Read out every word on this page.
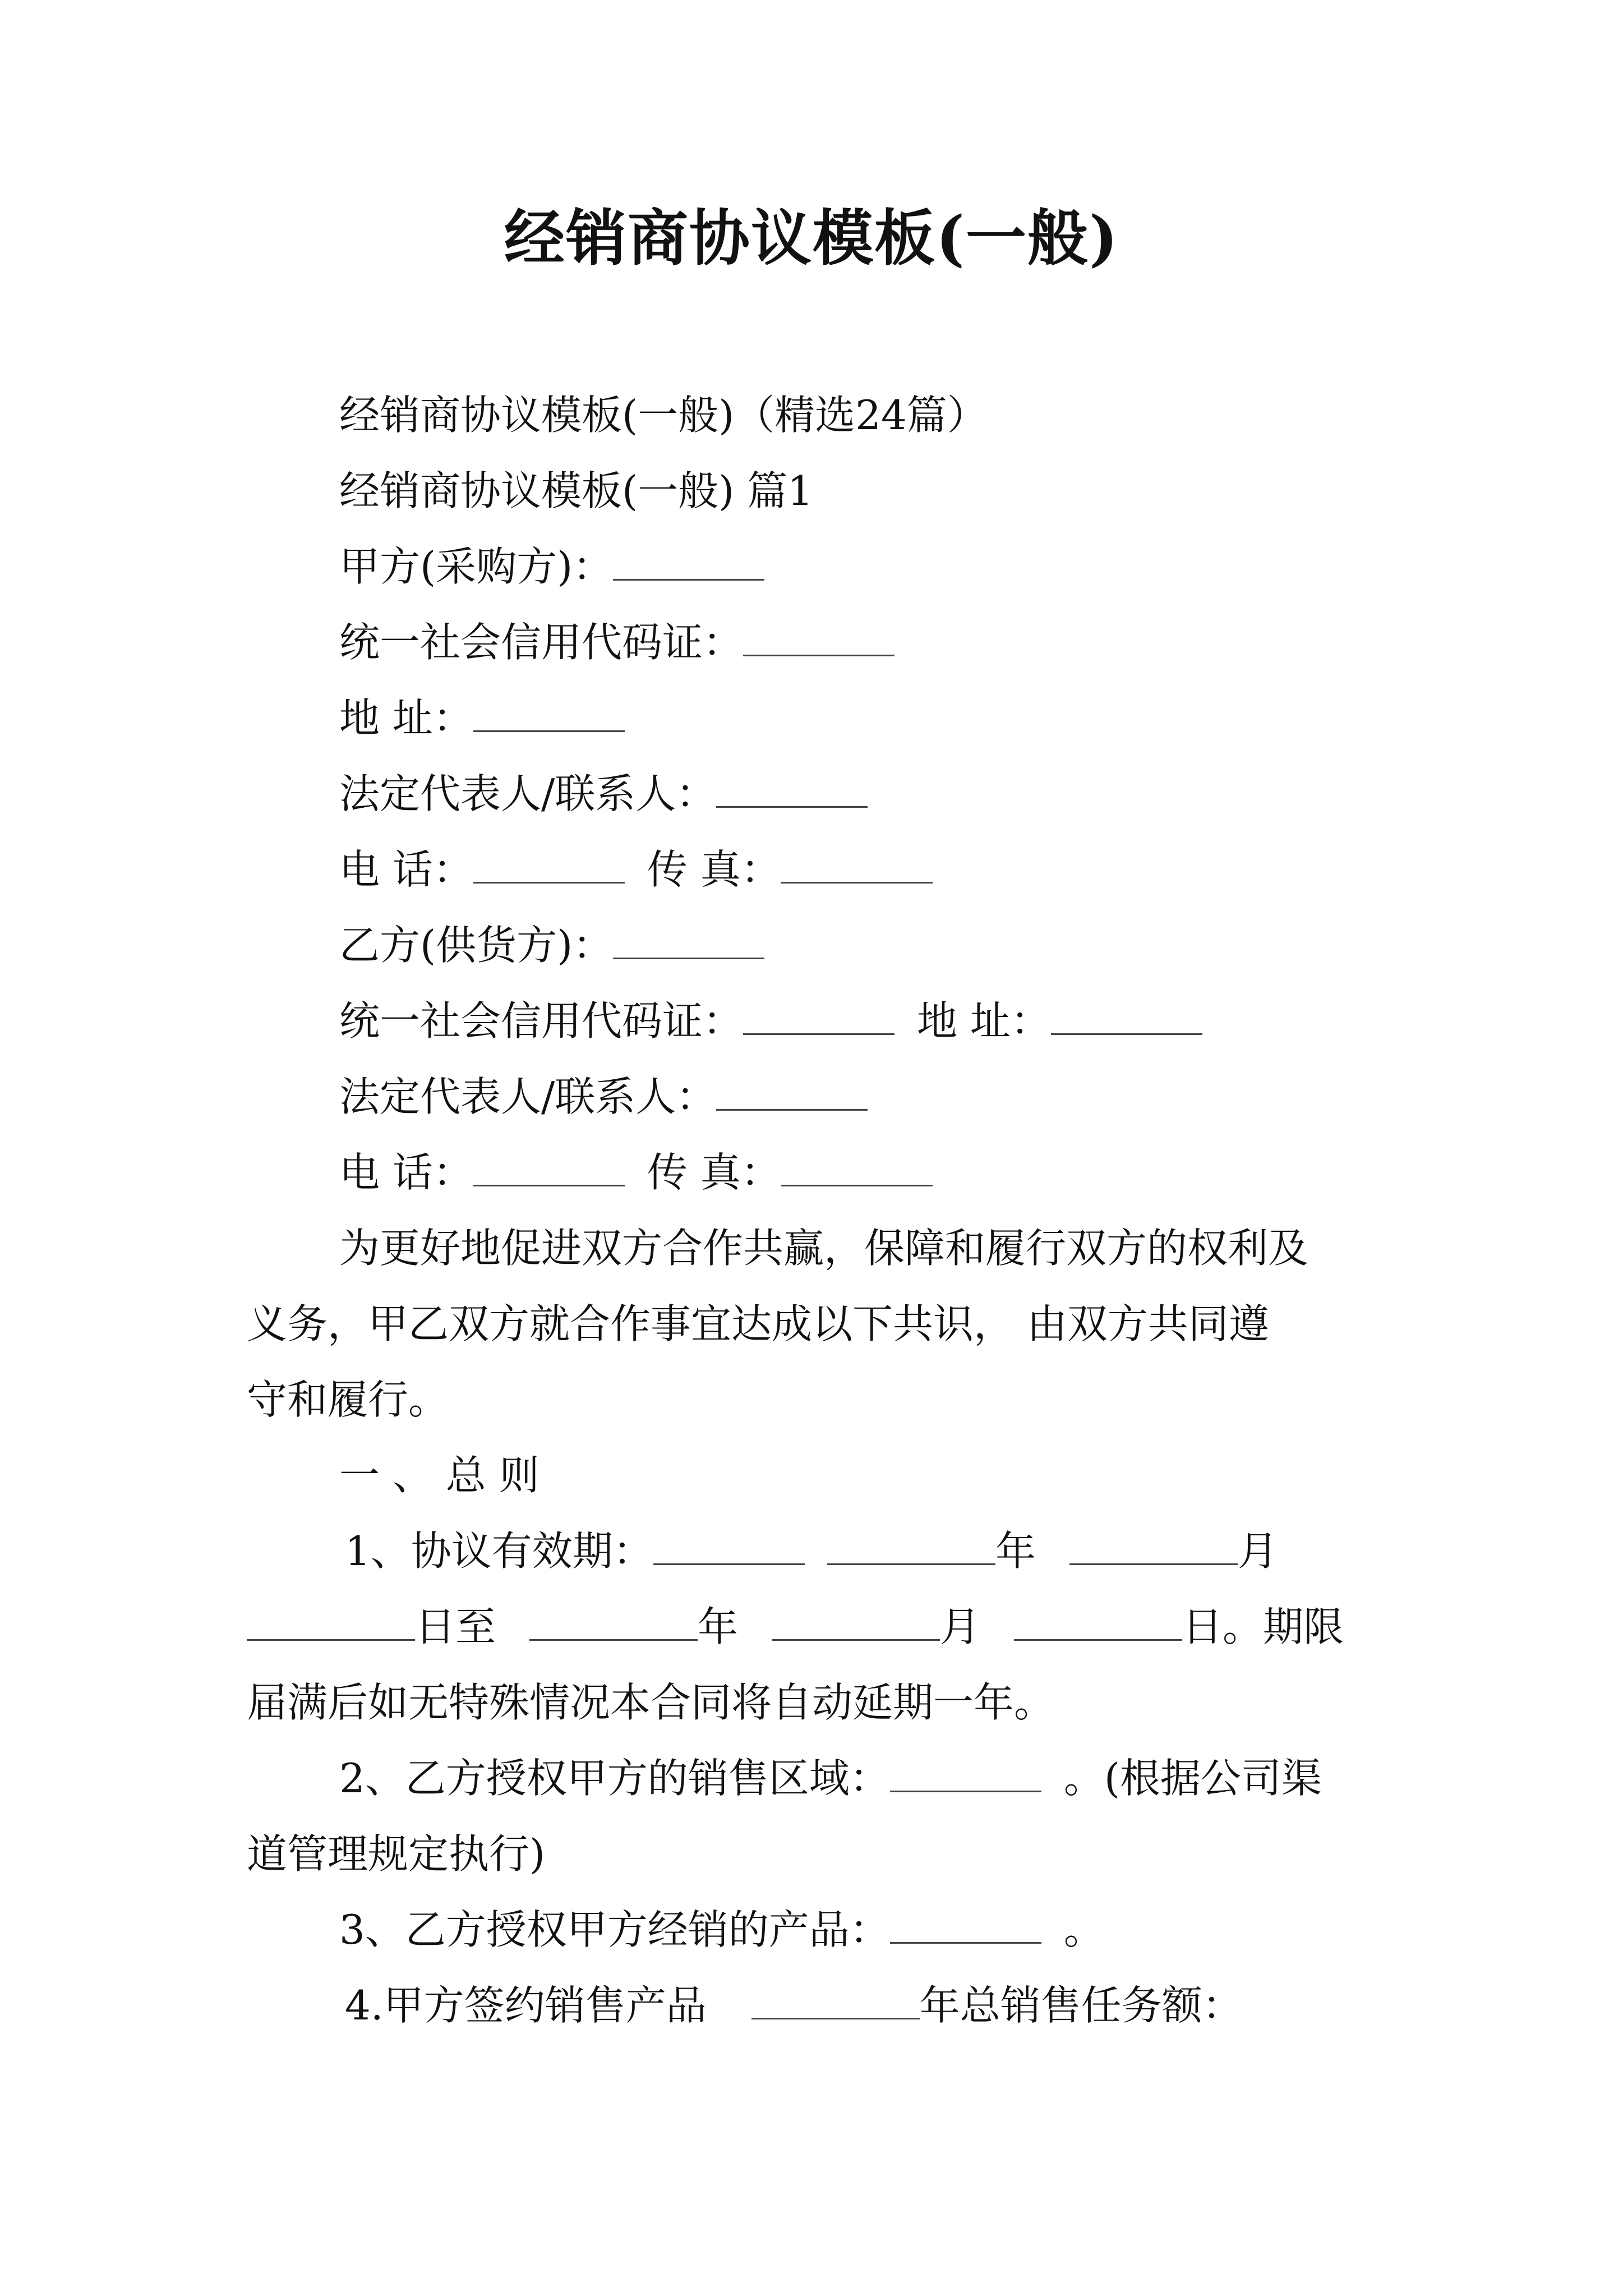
经销商协议模板(一般)
经销商协议模板(一般)（精选24篇）
经销商协议模板(一般) 篇1
甲方(采购方)：
统一社会信用代码证：
地 址：
法定代表人/联系人：
电 话：	传 真：
乙方(供货方)：
统一社会信用代码证：	地 址：
法定代表人/联系人：
电 话：	传 真：
为更好地促进双方合作共赢，保障和履行双方的权利及
义务，甲乙双方就合作事宜达成以下共识， 由双方共同遵
守和履行。
一 、 总 则
1、协议有效期：	年	月
日至	年	月	日。期限
届满后如无特殊情况本合同将自动延期一年。
2、乙方授权甲方的销售区域：	。(根据公司渠
道管理规定执行)
3、乙方授权甲方经销的产品：	。
4.甲方签约销售产品	年总销售任务额：
